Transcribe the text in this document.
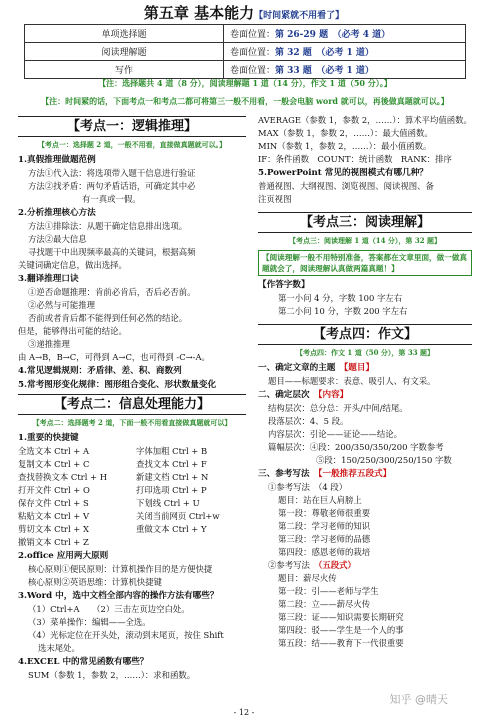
第五章 基本能力【时间紧就不用看了】
单项选择题	卷面位置：第 26-29 题　 （必考 4 道）
阅读理解题	卷面位置：第 32 题　 （必考 1 道）
写作	卷面位置：第 33 题　 （必考 1 道）
【注：选择题共 4 道（8 分），阅读理解题 1 道（14 分），作文 1 道（50 分）。】
【注：时间紧的话，下面考点一和考点二都可将第三一般不用看，一般会电脑 word 就可以，再後做真题就可以。】
【考点一：逻辑推理】
【考点一：选择题 2 道，一般不用看，直接做真题就可以。】
1.真假推理做题范例
方法①代入法：将选项带入题干信息进行验证
方法②找矛盾：两句矛盾话语，可确定其中必
有一真或一假。
2.分析推理核心方法
方法①排除法：从题干确定信息排出选项。
方法②最大信息
寻找题干中出现频率最高的关键词，根据高频
关键词确定信息，做出选择。
3.翻译推理口诀
①逆否命题推理：肯前必肯后，否后必否前。
②必然与可能推理
否前或者肯后都不能得到任何必然的结论。
但是，能够得出可能的结论。
③递推推理
由 A→B，B→C，可得到 A→C，也可得到 -C→-A。
4.常见逻辑规则：矛盾律、差、积、商数列
5.常考图形变化规律：图形组合变化、形状数量变化
【考点二：信息处理能力】
【考点二：选择题考 2 道，下面一般不用看直接做真题就可以】
1.重要的快捷键
全选文本 Ctrl + A	字体加粗 Ctrl + B
复制文本 Ctrl + C	查找文本 Ctrl + F
查找替换文本 Ctrl + H	新建文档 Ctrl + N
打开文件 Ctrl + O	打印选项 Ctrl + P
保存文件 Ctrl + S	下划线 Ctrl + U
粘贴文本 Ctrl + V	关闭当前网页 Ctrl+w
剪切文本 Ctrl + X	重做文本 Ctrl + Y
撤销文本 Ctrl + Z
2.office 应用两大原则
核心原则①便民原则：计算机操作目的是方便快捷
核心原则②英语思维：计算机快捷键
3.Word 中，选中文档全部内容的操作方法有哪些？
（1）Ctrl+A　　（2）三击左页边空白处。
（3）菜单操作：编辑——全选。
（4）光标定位在开头处，滚动到末尾页，按住 Shift
选末尾处。
4.EXCEL 中的常见函数有哪些？
SUM（参数 1，参数 2，……）：求和函数。
AVERAGE（参数 1，参数 2，……）：算术平均值函数。
MAX（参数 1，参数 2，……）：最大值函数。
MIN（参数 1，参数 2，……）：最小值函数。
IF：条件函数　COUNT：统计函数　RANK：排序
5.PowerPoint 常见的视图模式有哪几种？
普通视图、大纲视图、浏览视图、阅读视图、备
注页视图
【考点三：阅读理解】
【考点三：阅读理解 1 道（14 分），第 32 题】
【阅读理解一般不用特别准备，答案都在文章里面，做一做真题就会了，阅读理解认真做两篇真题！】
【作答字数】
第一小问 4 分，字数 100 字左右
第二小问 10 分，字数 200 字左右
【考点四：作文】
【考点四：作文 1 道（50 分），第 33 题】
一、确定文章的主题　 【题目】
题目——标题要求：表意、吸引人、有文采。
二、确定层次　 【内容】
结构层次：总分总：开头/中间/结尾。
段落层次：4、5 段。
内容层次：引论——证论——结论。
篇幅层次：④段：200/350/350/200 字数参考
⑤段：150/250/300/250/150 字数
三、参考写法　 【一般推荐五段式】
①参考写法　（4 段）
题目：站在巨人肩膀上
第一段：尊敬老师很重要
第二段：学习老师的知识
第三段：学习老师的品德
第四段：感恩老师的栽培
②参考写法　 （五段式）
题目：薪尽火传
第一段：引——老师与学生
第二段：立——薪尽火传
第三段：证——知识需要长期研究
第四段：驳——学生是一个人的事
第五段：结——教育下一代很重要
- 12 -
知乎 @晴天
